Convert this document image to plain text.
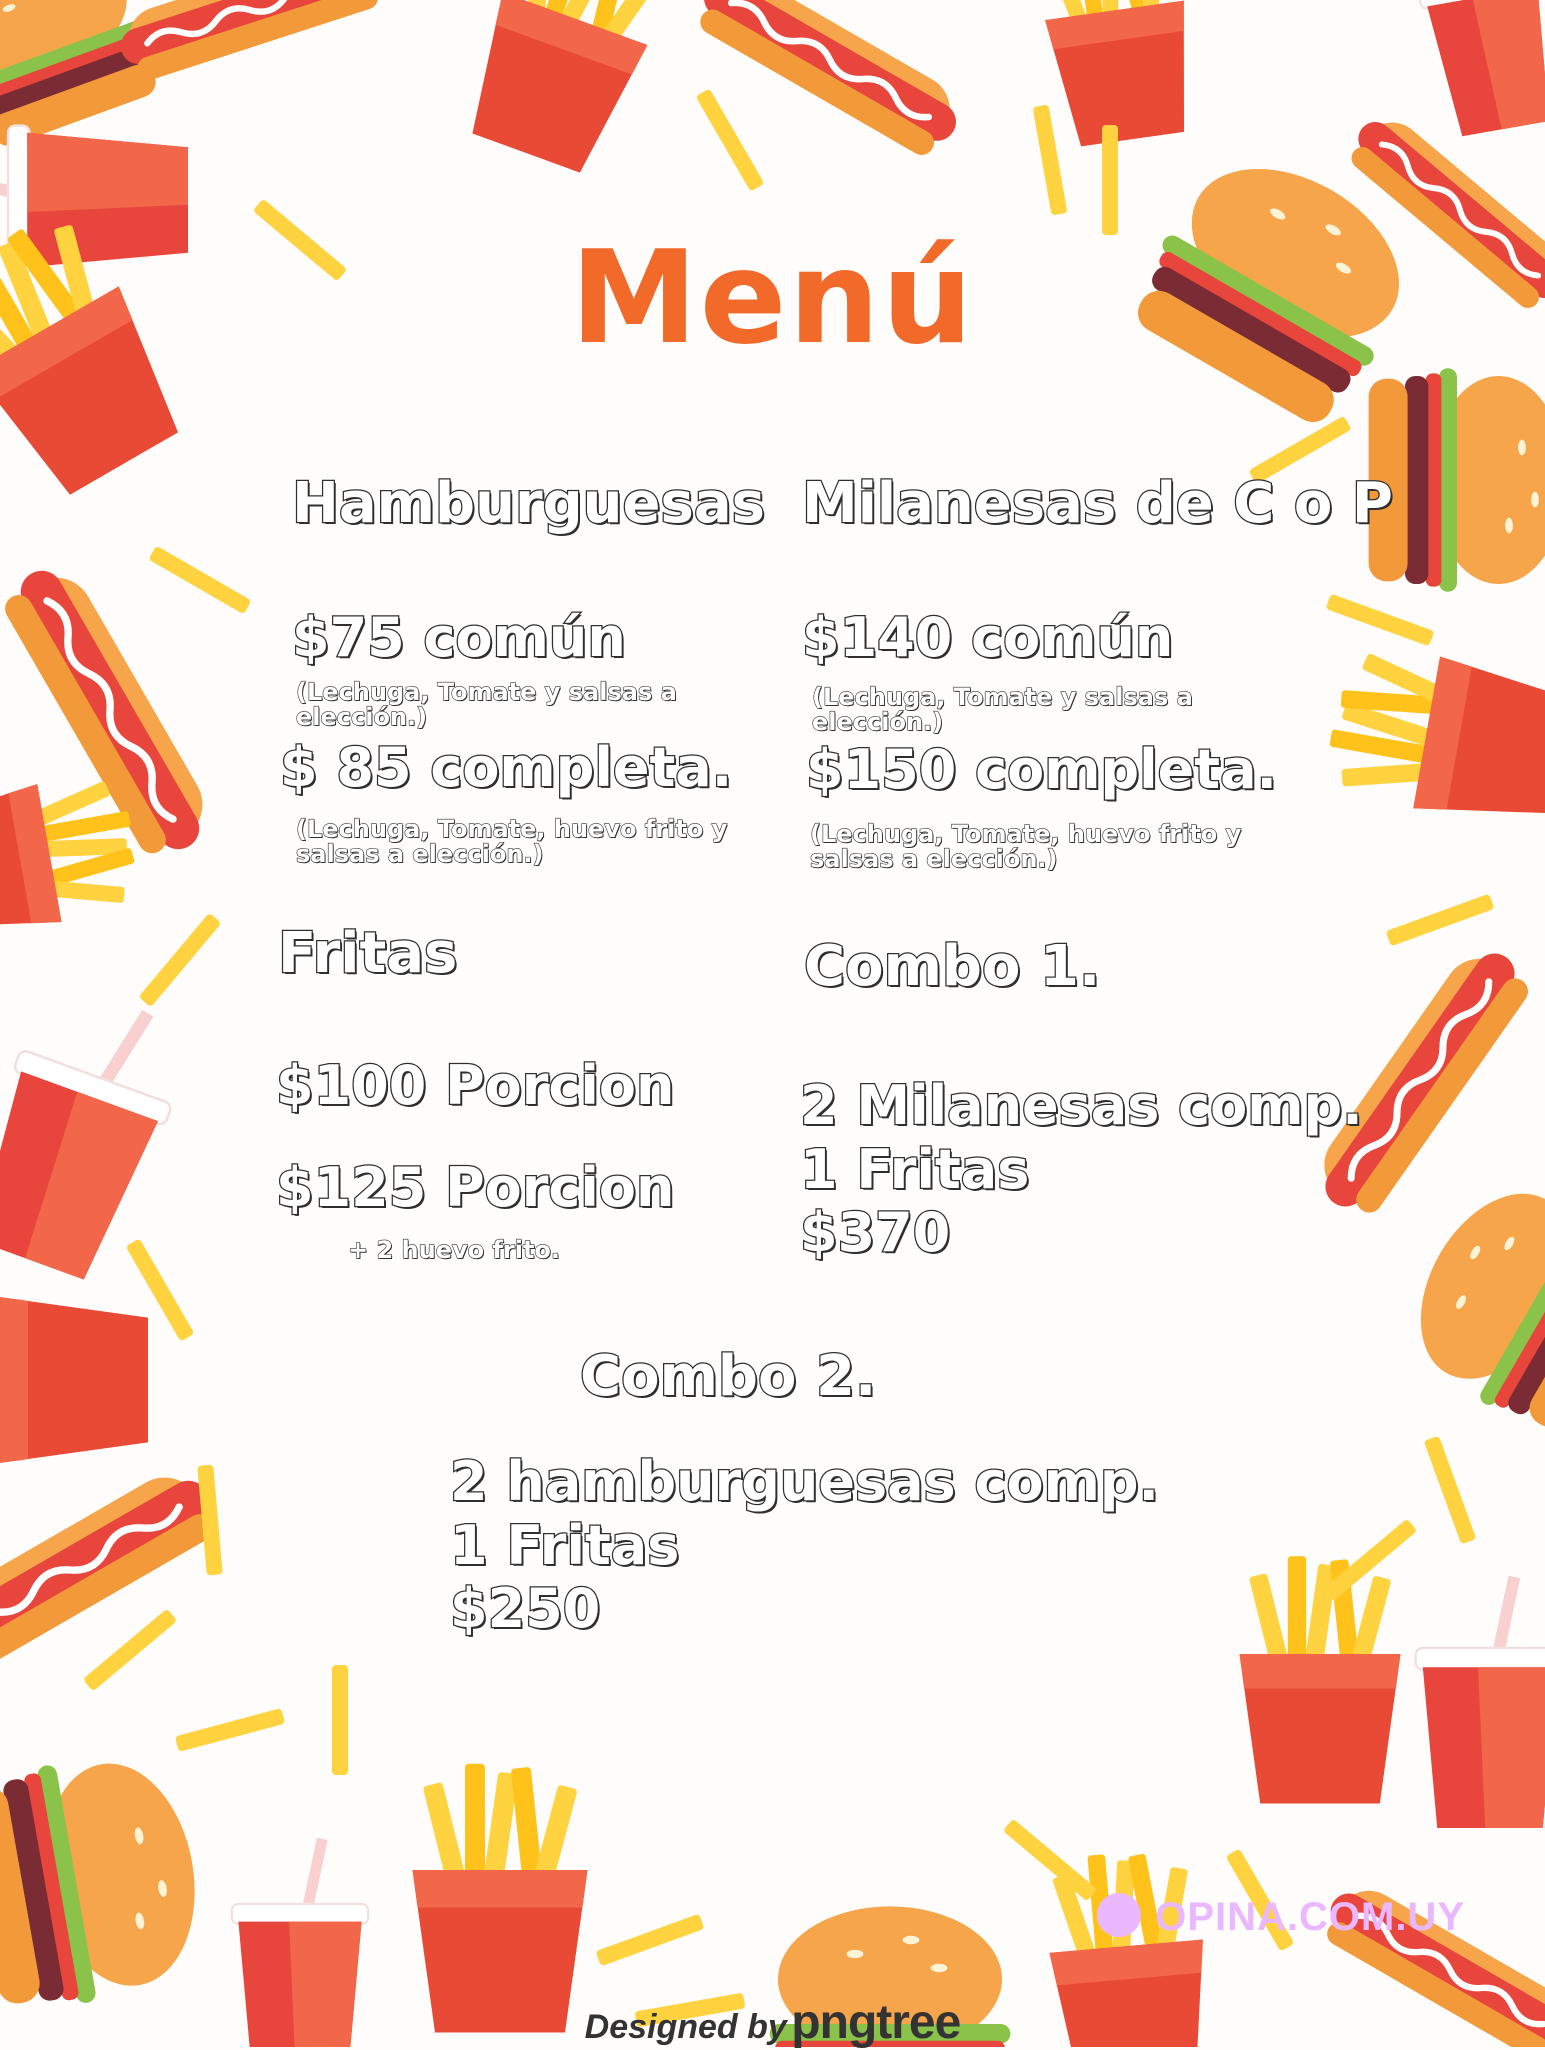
Menú
Hamburguesas
$75 común
(Lechuga, Tomate y salsas a elección.)
$ 85 completa.
(Lechuga, Tomate, huevo frito y salsas a elección.)
Milanesas de C o P
$140 común
(Lechuga, Tomate y salsas a elección.)
$150 completa.
(Lechuga, Tomate, huevo frito y salsas a elección.)
Fritas
$100 Porcion
$125 Porcion
+ 2 huevo frito.
Combo 1.
2 Milanesas comp.
1 Fritas
$370
Combo 2.
2 hamburguesas comp.
1 Fritas
$250
OPINA.COM.UY
Designed by pngtree
